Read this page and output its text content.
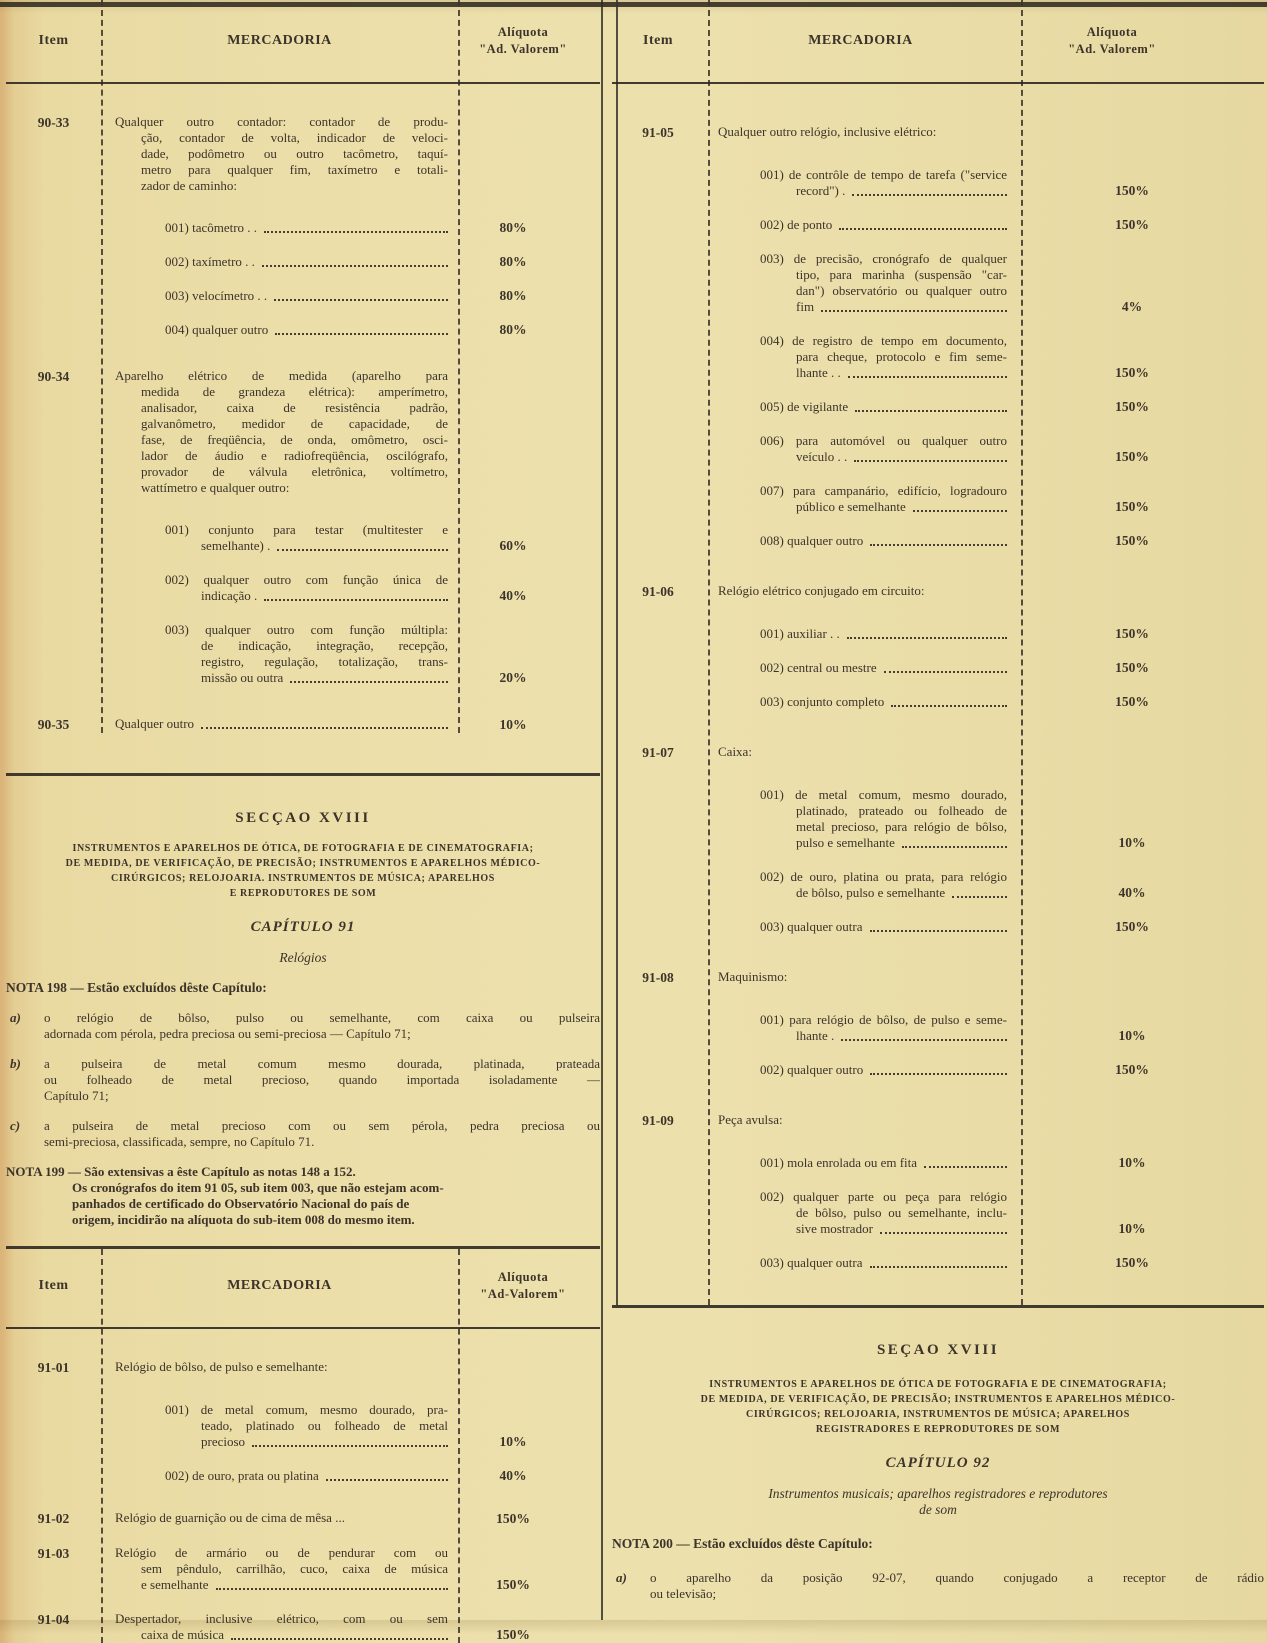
Item	MERCADORIA
Alíquota
"Ad. Valorem"
90-33	Qualquer outro contador: contador de produ-
ção, contador de volta, indicador de veloci-
dade, podômetro ou outro tacômetro, taquí-
metro para qualquer fim, taxímetro e totali-
zador de caminho:
001) tacômetro . .	80%
002) taxímetro . .	80%
003) velocímetro . .	80%
004) qualquer outro	80%
90-34	Aparelho elétrico de medida (aparelho para
medida de grandeza elétrica): amperímetro,
analisador, caixa de resistência padrão,
galvanômetro, medidor de capacidade, de
fase, de freqüência, de onda, omômetro, osci-
lador de áudio e radiofreqüência, oscilógrafo,
provador de válvula eletrônica, voltímetro,
wattímetro e qualquer outro:
001) conjunto para testar (multitester e
semelhante) .	60%
002) qualquer outro com função única de
indicação .	40%
003) qualquer outro com função múltipla:
de indicação, integração, recepção,
registro, regulação, totalização, trans-
missão ou outra	20%
90-35	Qualquer outro	10%
SECÇAO XVIII
INSTRUMENTOS E APARELHOS DE ÓTICA, DE FOTOGRAFIA E DE CINEMATOGRAFIA;
DE MEDIDA, DE VERIFICAÇÃO, DE PRECISÃO; INSTRUMENTOS E APARELHOS MÉDICO-
CIRÚRGICOS; RELOJOARIA. INSTRUMENTOS DE MÚSICA; APARELHOS
E REPRODUTORES DE SOM
CAPÍTULO 91
Relógios
NOTA 198 — Estão excluídos dêste Capítulo:
a)	o relógio de bôlso, pulso ou semelhante, com caixa ou pulseira
adornada com pérola, pedra preciosa ou semi-preciosa — Capítulo 71;
b)	a pulseira de metal comum mesmo dourada, platinada, prateada
ou folheado de metal precioso, quando importada isoladamente —
Capítulo 71;
c)	a pulseira de metal precioso com ou sem pérola, pedra preciosa ou
semi-preciosa, classificada, sempre, no Capítulo 71.
NOTA 199 — São extensivas a êste Capítulo as notas 148 a 152.
Os cronógrafos do item 91 05, sub item 003, que não estejam acom-
panhados de certificado do Observatório Nacional do país de
origem, incidirão na alíquota do sub-item 008 do mesmo item.
Item	MERCADORIA
Alíquota
"Ad-Valorem"
91-01	Relógio de bôlso, de pulso e semelhante:
001) de metal comum, mesmo dourado, pra-
teado, platinado ou folheado de metal
precioso	10%
002) de ouro, prata ou platina	40%
91-02	Relógio de guarnição ou de cima de mêsa ...	150%
91-03	Relógio de armário ou de pendurar com ou
sem pêndulo, carrilhão, cuco, caixa de música
e semelhante	150%
91-04	Despertador, inclusive elétrico, com ou sem
caixa de música	150%
Item	MERCADORIA
Alíquota
"Ad. Valorem"
91-05	Qualquer outro relógio, inclusive elétrico:
001) de contrôle de tempo de tarefa ("service
record") .	150%
002) de ponto	150%
003) de precisão, cronógrafo de qualquer
tipo, para marinha (suspensão "car-
dan") observatório ou qualquer outro
fim	4%
004) de registro de tempo em documento,
para cheque, protocolo e fim seme-
lhante . .	150%
005) de vigilante	150%
006) para automóvel ou qualquer outro
veículo . .	150%
007) para campanário, edifício, logradouro
público e semelhante	150%
008) qualquer outro	150%
91-06	Relógio elétrico conjugado em circuito:
001) auxiliar . .	150%
002) central ou mestre	150%
003) conjunto completo	150%
91-07	Caixa:
001) de metal comum, mesmo dourado,
platinado, prateado ou folheado de
metal precioso, para relógio de bôlso,
pulso e semelhante	10%
002) de ouro, platina ou prata, para relógio
de bôlso, pulso e semelhante	40%
003) qualquer outra	150%
91-08	Maquinismo:
001) para relógio de bôlso, de pulso e seme-
lhante .	10%
002) qualquer outro	150%
91-09	Peça avulsa:
001) mola enrolada ou em fita	10%
002) qualquer parte ou peça para relógio
de bôlso, pulso ou semelhante, inclu-
sive mostrador	10%
003) qualquer outra	150%
SEÇAO XVIII
INSTRUMENTOS E APARELHOS DE ÓTICA DE FOTOGRAFIA E DE CINEMATOGRAFIA;
DE MEDIDA, DE VERIFICAÇÃO, DE PRECISÃO; INSTRUMENTOS E APARELHOS MÉDICO-
CIRÚRGICOS; RELOJOARIA, INSTRUMENTOS DE MÚSICA; APARELHOS
REGISTRADORES E REPRODUTORES DE SOM
CAPÍTULO 92
Instrumentos musicais; aparelhos registradores e reprodutores
de som
NOTA 200 — Estão excluídos dêste Capítulo:
a)	o aparelho da posição 92-07, quando conjugado a receptor de rádio
ou televisão;
